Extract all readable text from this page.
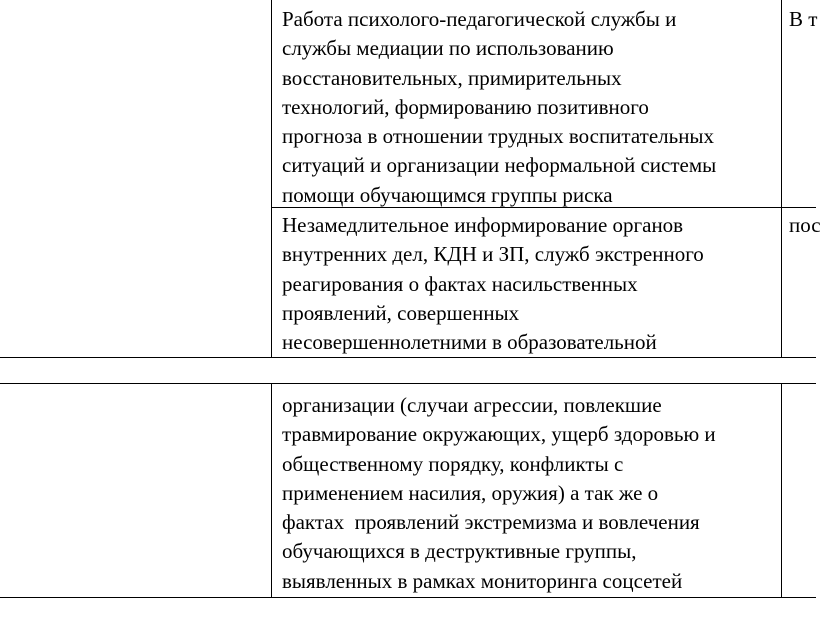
Работа психолого-педагогической службы и
службы медиации по использованию
восстановительных, примирительных
технологий, формированию позитивного
прогноза в отношении трудных воспитательных
ситуаций и организации неформальной системы
помощи обучающимся группы риска
В т
Незамедлительное информирование органов
внутренних дел, КДН и ЗП, служб экстренного
реагирования о фактах насильственных
проявлений, совершенных
несовершеннолетними в образовательной
пос
организации (случаи агрессии, повлекшие
травмирование окружающих, ущерб здоровью и
общественному порядку, конфликты с
применением насилия, оружия) а так же о
фактах  проявлений экстремизма и вовлечения
обучающихся в деструктивные группы,
выявленных в рамках мониторинга соцсетей
